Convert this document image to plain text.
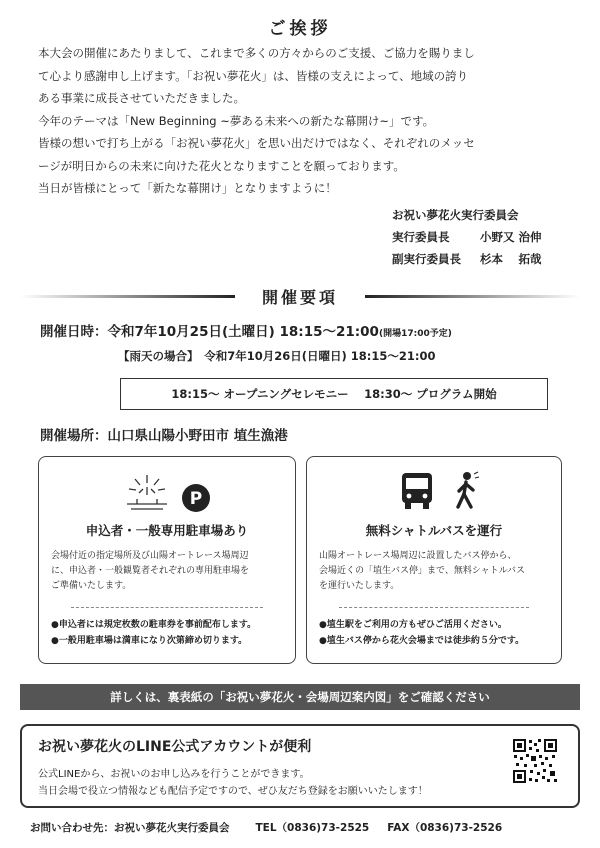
ご挨拶

本大会の開催にあたりまして、これまで多くの方々からのご支援、ご協力を賜りまし

て心より感謝申し上げます。「お祝い夢花火」は、皆様の支えによって、地域の誇り

ある事業に成長させていただきました。

今年のテーマは「New Beginning ~夢ある未来への新たな幕開け~」です。

皆様の想いで打ち上がる「お祝い夢花火」を思い出だけではなく、それぞれのメッセ

ージが明日からの未来に向けた花火となりますことを願っております。

当日が皆様にとって「新たな幕開け」となりますように！

お祝い夢花火実行委員会
実行委員長	小野又 治伸
副実行委員長 杉本　 拓哉
開催要項
開催日時：令和7年10月25日(土曜日) 18:15〜21:00(開場17:00予定)
【雨天の場合】　令和7年10月26日(日曜日) 18:15〜21:00
18:15〜 オープニングセレモニー　 18:30〜 プログラム開始
開催場所：山口県山陽小野田市 埴生漁港
P
申込者・一般専用駐車場あり

会場付近の指定場所及び山陽オートレース場周辺

に、申込者・一般観覧者それぞれの専用駐車場を

ご準備いたします。

●申込者には規定枚数の駐車券を事前配布します。

●一般用駐車場は満車になり次第締め切ります。

無料シャトルバスを運行

山陽オートレース場周辺に設置したバス停から、

会場近くの「埴生バス停」まで、無料シャトルバス

を運行いたします。

●埴生駅をご利用の方もぜひご活用ください。

●埴生バス停から花火会場までは徒歩約５分です。

詳しくは、裏表紙の「お祝い夢花火・会場周辺案内図」をご確認ください
お祝い夢花火のLINE公式アカウントが便利

公式LINEから、お祝いのお申し込みを行うことができます。

当日会場で役立つ情報なども配信予定ですので、ぜひ友だち登録をお願いいたします！

お問い合わせ先：お祝い夢花火実行委員会 TEL（0836)73-2525 FAX（0836)73-2526
